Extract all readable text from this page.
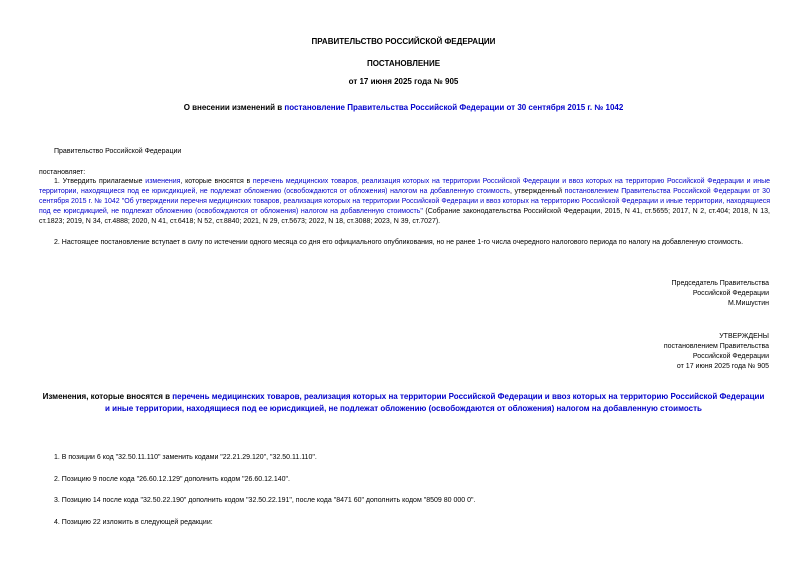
ПРАВИТЕЛЬСТВО РОССИЙСКОЙ ФЕДЕРАЦИИ

ПОСТАНОВЛЕНИЕ

от 17 июня 2025 года № 905

О внесении изменений в постановление Правительства Российской Федерации от 30 сентября 2015 г. № 1042

Правительство Российской Федерации

постановляет:

1. Утвердить прилагаемые изменения, которые вносятся в перечень медицинских товаров, реализация которых на территории Российской Федерации и ввоз которых на территорию Российской Федерации и иные территории, находящиеся под ее юрисдикцией, не подлежат обложению (освобождаются от обложения) налогом на добавленную стоимость, утвержденный постановлением Правительства Российской Федерации от 30 сентября 2015 г. № 1042 "Об утверждении перечня медицинских товаров, реализация которых на территории Российской Федерации и ввоз которых на территорию Российской Федерации и иные территории, находящиеся под ее юрисдикцией, не подлежат обложению (освобождаются от обложения) налогом на добавленную стоимость" (Собрание законодательства Российской Федерации, 2015, N 41, ст.5655; 2017, N 2, ст.404; 2018, N 13, ст.1823; 2019, N 34, ст.4888; 2020, N 41, ст.6418; N 52, ст.8840; 2021, N 29, ст.5673; 2022, N 18, ст.3088; 2023, N 39, ст.7027).

2. Настоящее постановление вступает в силу по истечении одного месяца со дня его официального опубликования, но не ранее 1-го числа очередного налогового периода по налогу на добавленную стоимость.

Председатель Правительства

Российской Федерации

М.Мишустин

УТВЕРЖДЕНЫ

постановлением Правительства

Российской Федерации

от 17 июня 2025 года № 905

Изменения, которые вносятся в перечень медицинских товаров, реализация которых на территории Российской Федерации и ввоз которых на территорию Российской Федерации и иные территории, находящиеся под ее юрисдикцией, не подлежат обложению (освобождаются от обложения) налогом на добавленную стоимость

1. В позиции 6 код "32.50.11.110" заменить кодами "22.21.29.120", "32.50.11.110".

2. Позицию 9 после кода "26.60.12.129" дополнить кодом "26.60.12.140".

3. Позицию 14 после кода "32.50.22.190" дополнить кодом "32.50.22.191", после кода "8471 60" дополнить кодом "8509 80 000 0".

4. Позицию 22 изложить в следующей редакции:
